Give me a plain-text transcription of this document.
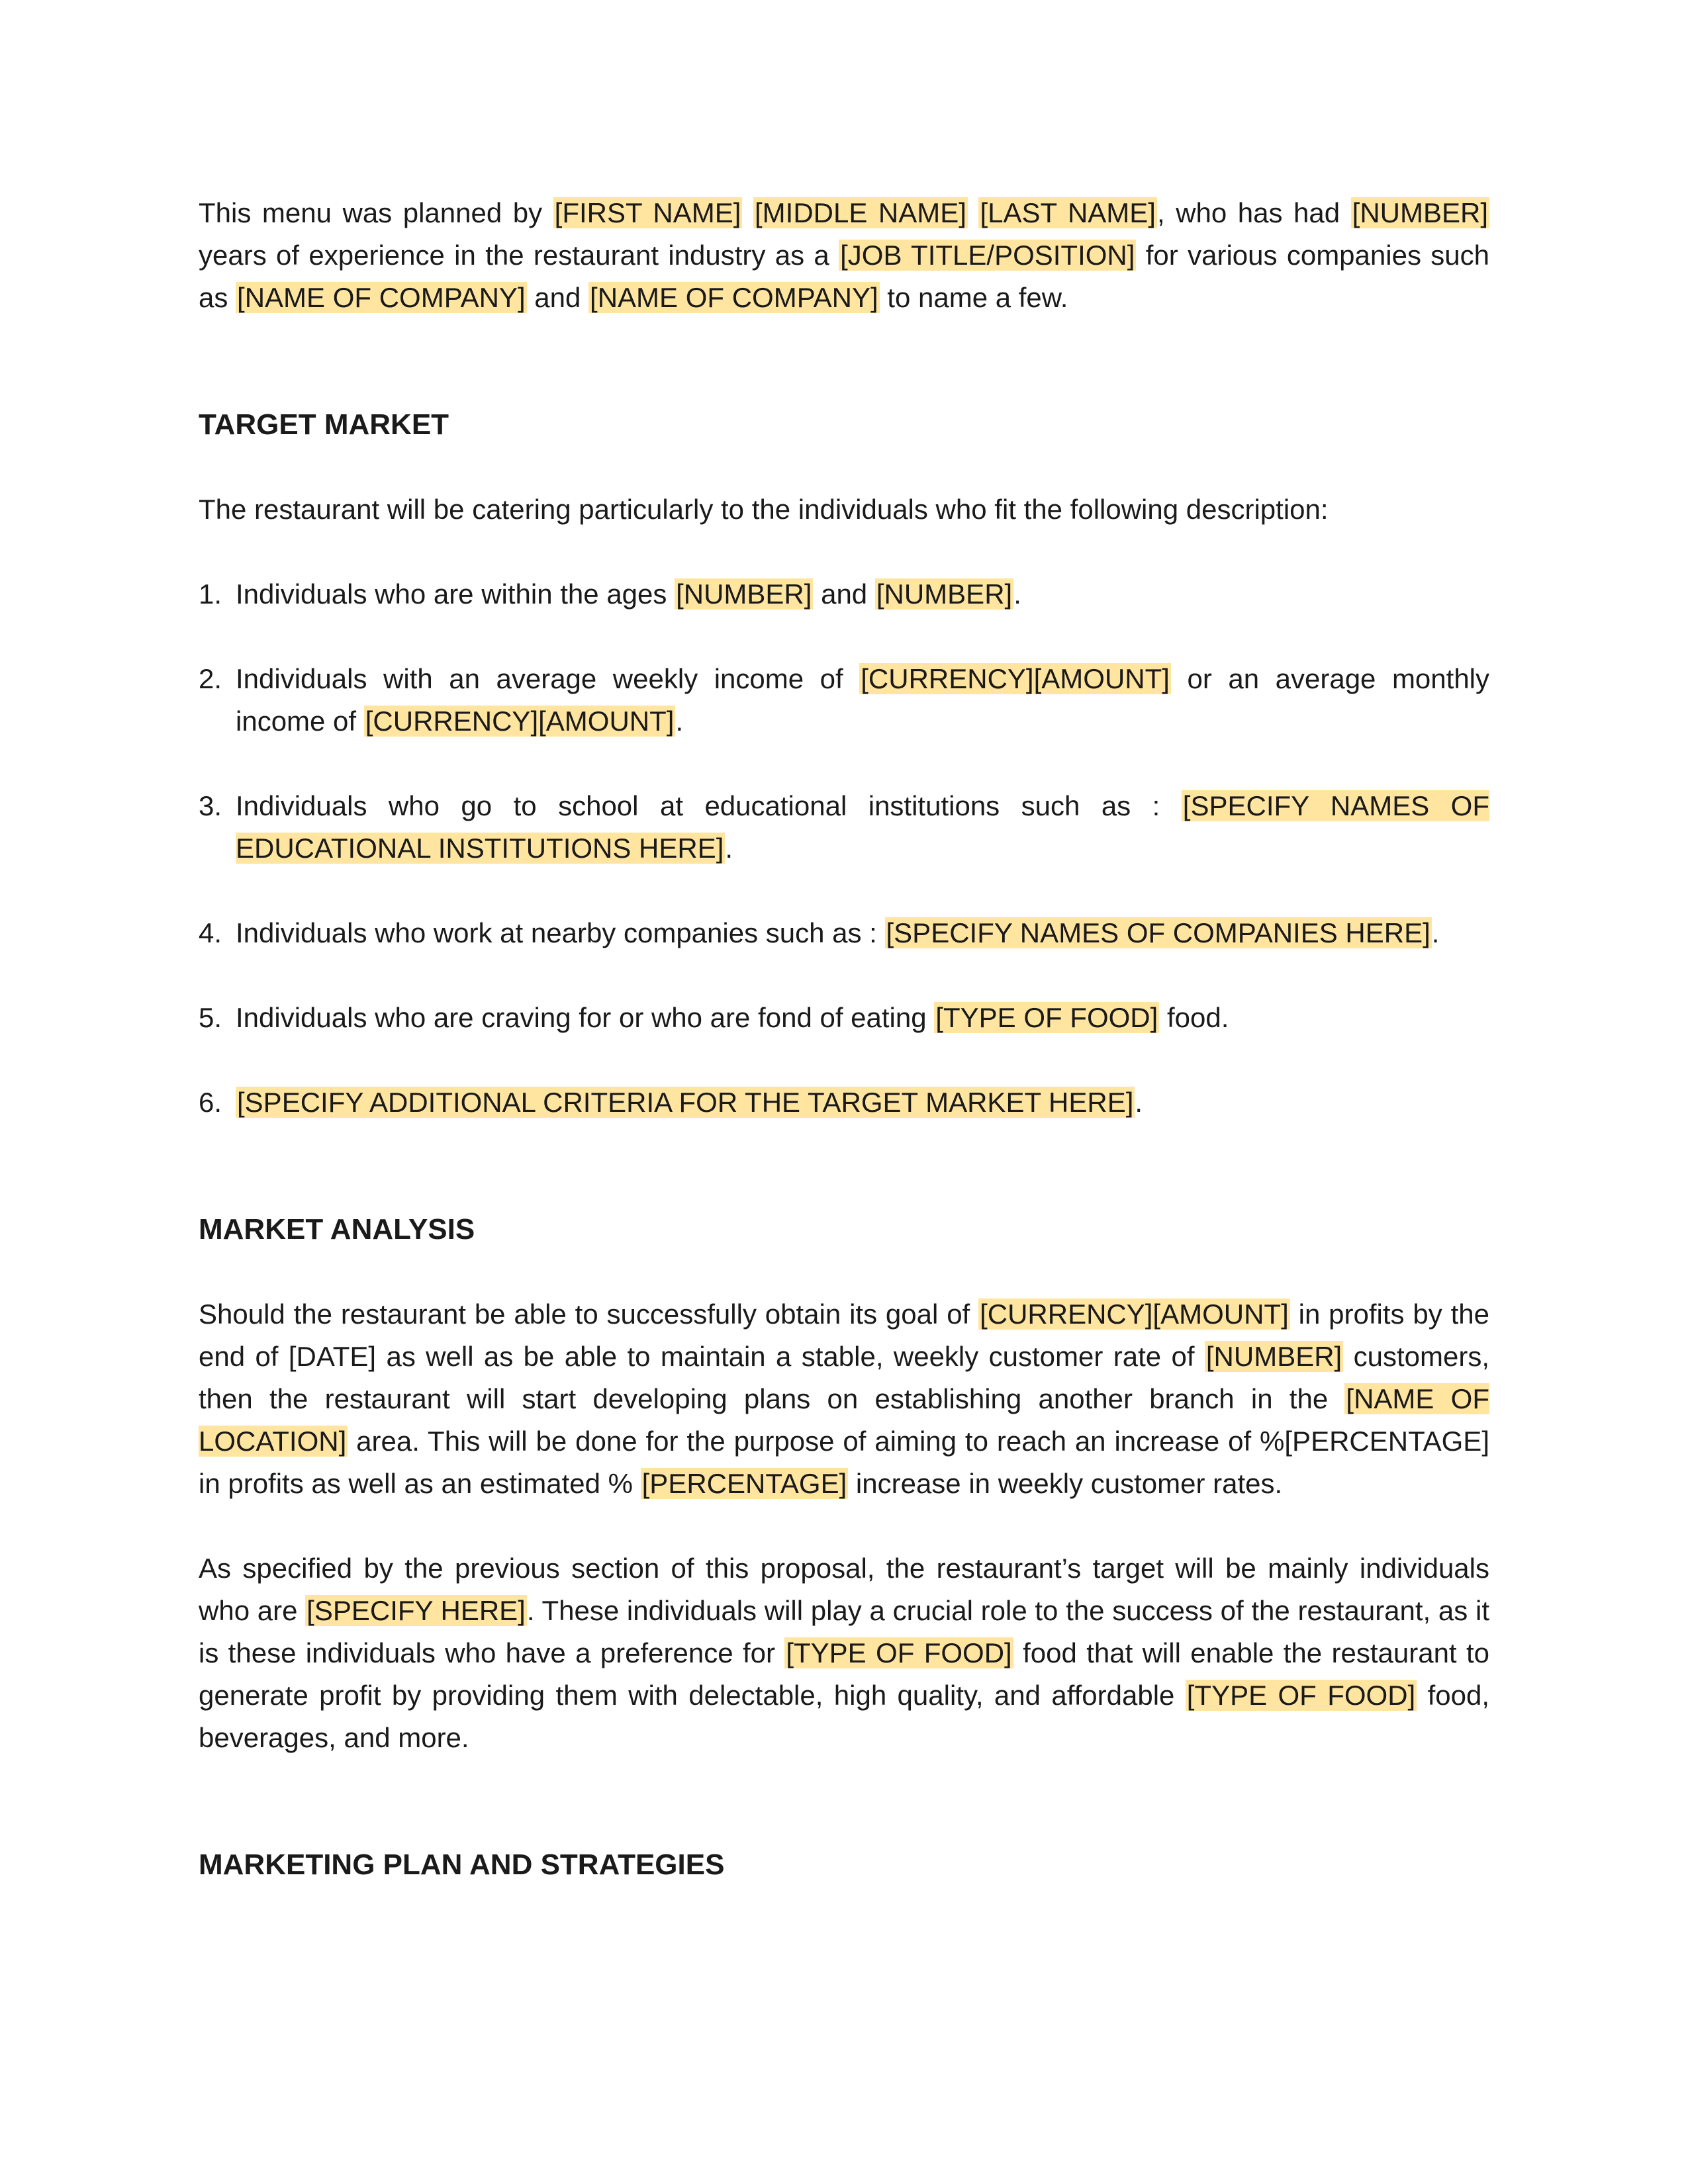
This menu was planned by [FIRST NAME] [MIDDLE NAME] [LAST NAME], who has had [NUMBER] years of experience in the restaurant industry as a [JOB TITLE/POSITION] for various companies such as [NAME OF COMPANY] and [NAME OF COMPANY] to name a few.

TARGET MARKET

The restaurant will be catering particularly to the individuals who fit the following description:

1. Individuals who are within the ages [NUMBER] and [NUMBER].
2. Individuals with an average weekly income of [CURRENCY][AMOUNT] or an average monthly income of [CURRENCY][AMOUNT].
3. Individuals who go to school at educational institutions such as : [SPECIFY NAMES OF EDUCATIONAL INSTITUTIONS HERE].
4. Individuals who work at nearby companies such as : [SPECIFY NAMES OF COMPANIES HERE].
5. Individuals who are craving for or who are fond of eating [TYPE OF FOOD] food.
6. [SPECIFY ADDITIONAL CRITERIA FOR THE TARGET MARKET HERE].
MARKET ANALYSIS

Should the restaurant be able to successfully obtain its goal of [CURRENCY][AMOUNT] in profits by the end of [DATE] as well as be able to maintain a stable, weekly customer rate of [NUMBER] customers, then the restaurant will start developing plans on establishing another branch in the [NAME OF LOCATION] area. This will be done for the purpose of aiming to reach an increase of %[PERCENTAGE] in profits as well as an estimated % [PERCENTAGE] increase in weekly customer rates.

As specified by the previous section of this proposal, the restaurant’s target will be mainly individuals who are [SPECIFY HERE]. These individuals will play a crucial role to the success of the restaurant, as it is these individuals who have a preference for [TYPE OF FOOD] food that will enable the restaurant to generate profit by providing them with delectable, high quality, and affordable [TYPE OF FOOD] food, beverages, and more.

MARKETING PLAN AND STRATEGIES
